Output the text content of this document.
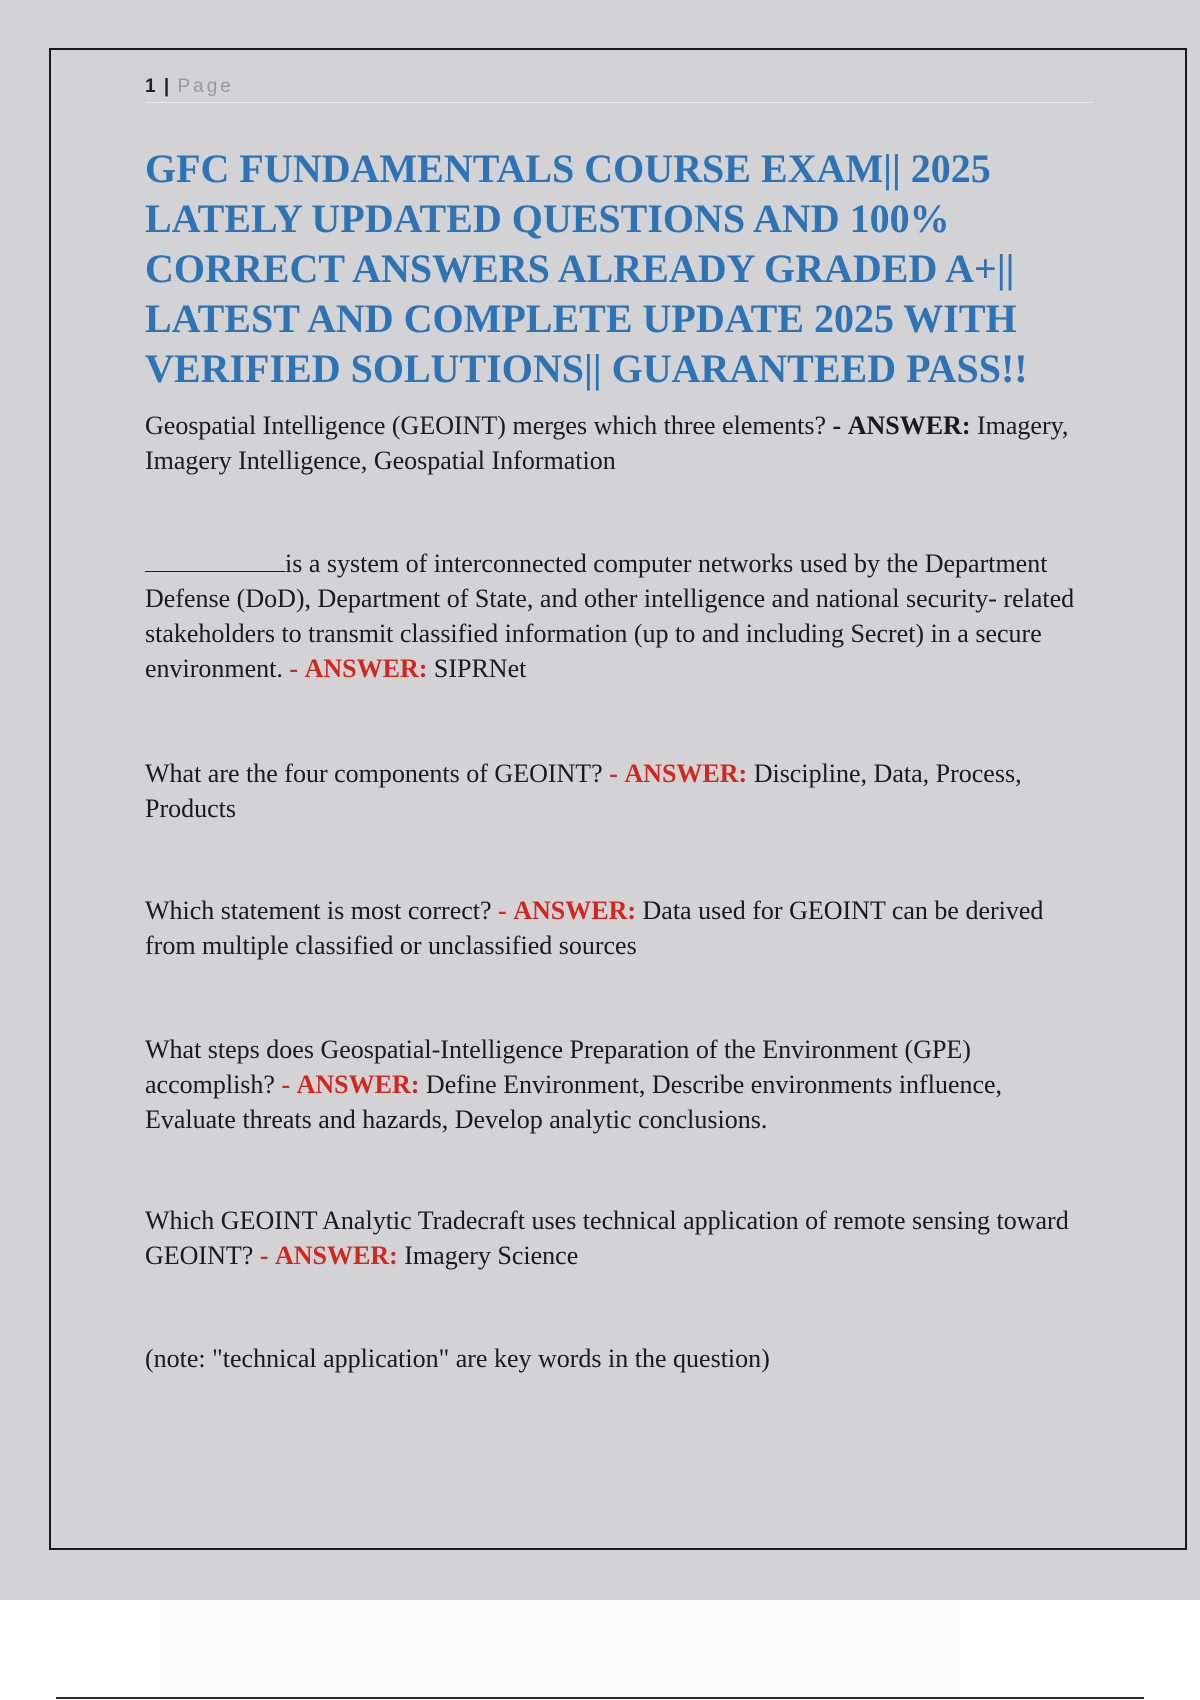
1 | Page
GFC FUNDAMENTALS COURSE EXAM|| 2025 LATELY UPDATED QUESTIONS AND 100% CORRECT ANSWERS ALREADY GRADED A+|| LATEST AND COMPLETE UPDATE 2025 WITH VERIFIED SOLUTIONS|| GUARANTEED PASS!!

Geospatial Intelligence (GEOINT) merges which three elements? - ANSWER: Imagery, Imagery Intelligence, Geospatial Information

is a system of interconnected computer networks used by the Department Defense (DoD), Department of State, and other intelligence and national security- related stakeholders to transmit classified information (up to and including Secret) in a secure environment. - ANSWER: SIPRNet

What are the four components of GEOINT? - ANSWER: Discipline, Data, Process, Products

Which statement is most correct? - ANSWER: Data used for GEOINT can be derived from multiple classified or unclassified sources

What steps does Geospatial-Intelligence Preparation of the Environment (GPE) accomplish? - ANSWER: Define Environment, Describe environments influence, Evaluate threats and hazards, Develop analytic conclusions.

Which GEOINT Analytic Tradecraft uses technical application of remote sensing toward GEOINT? - ANSWER: Imagery Science

(note: "technical application" are key words in the question)
